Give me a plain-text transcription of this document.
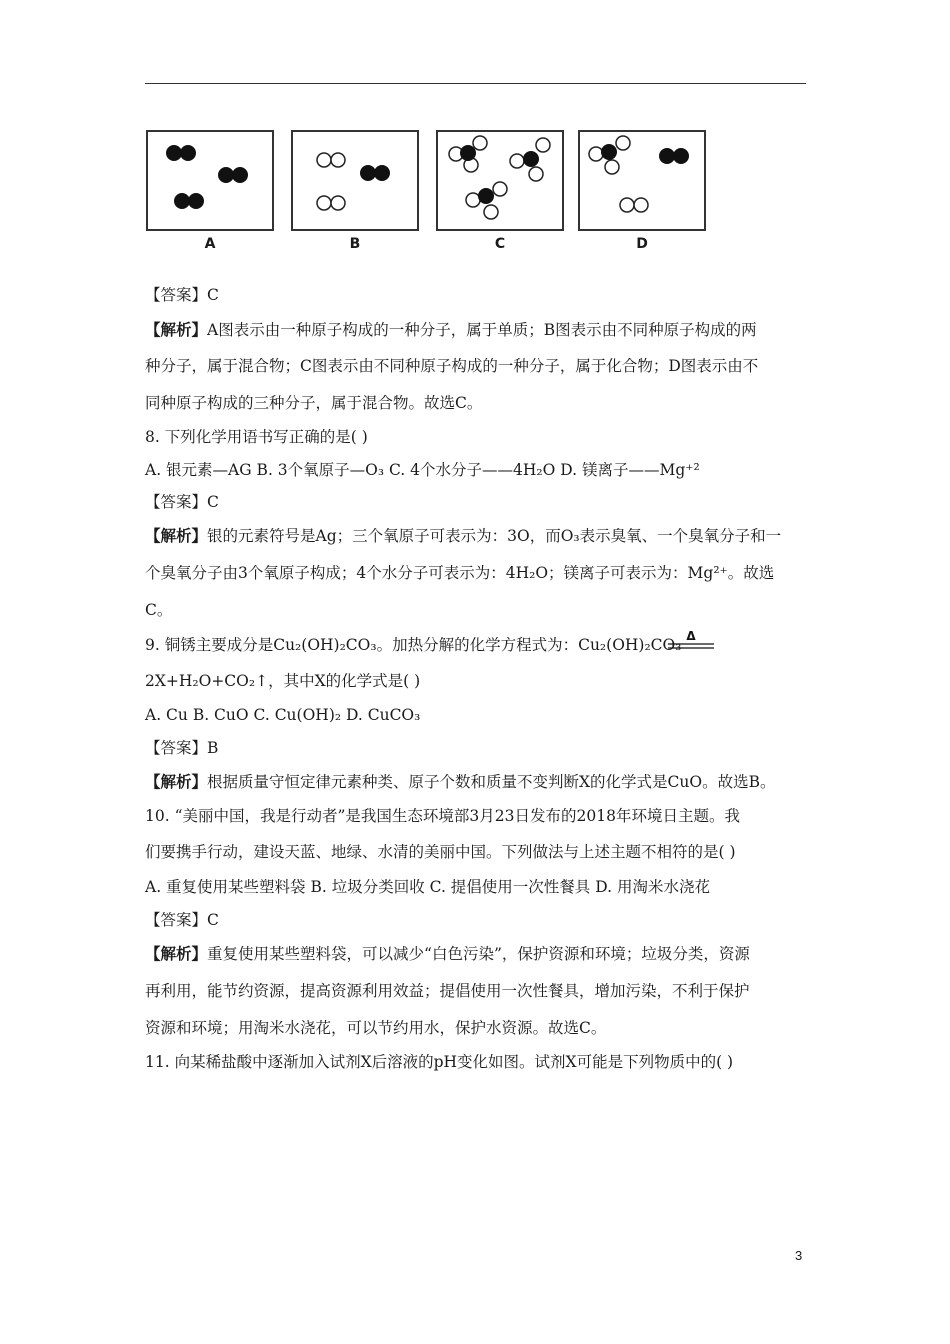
A	B	C	D
【答案】C
【解析】A图表示由一种原子构成的一种分子，属于单质；B图表示由不同种原子构成的两
种分子，属于混合物；C图表示由不同种原子构成的一种分子，属于化合物；D图表示由不
同种原子构成的三种分子，属于混合物。故选C。
8. 下列化学用语书写正确的是( )
A. 银元素—AG B. 3个氧原子—O₃ C. 4个水分子——4H₂O D. 镁离子——Mg⁺²
【答案】C
【解析】银的元素符号是Ag；三个氧原子可表示为：3O，而O₃表示臭氧、一个臭氧分子和一
个臭氧分子由3个氧原子构成；4个水分子可表示为：4H₂O；镁离子可表示为：Mg²⁺。故选
C。
9. 铜锈主要成分是Cu₂(OH)₂CO₃。加热分解的化学方程式为：Cu₂(OH)₂CO₃ Δ
2X+H₂O+CO₂↑，其中X的化学式是( )
A. Cu B. CuO C. Cu(OH)₂ D. CuCO₃
【答案】B
【解析】根据质量守恒定律元素种类、原子个数和质量不变判断X的化学式是CuO。故选B。
10. “美丽中国，我是行动者”是我国生态环境部3月23日发布的2018年环境日主题。我
们要携手行动，建设天蓝、地绿、水清的美丽中国。下列做法与上述主题不相符的是( )
A. 重复使用某些塑料袋 B. 垃圾分类回收 C. 提倡使用一次性餐具 D. 用淘米水浇花
【答案】C
【解析】重复使用某些塑料袋，可以减少“白色污染”，保护资源和环境；垃圾分类，资源
再利用，能节约资源，提高资源利用效益；提倡使用一次性餐具，增加污染，不利于保护
资源和环境；用淘米水浇花，可以节约用水，保护水资源。故选C。
11. 向某稀盐酸中逐渐加入试剂X后溶液的pH变化如图。试剂X可能是下列物质中的( )
3
